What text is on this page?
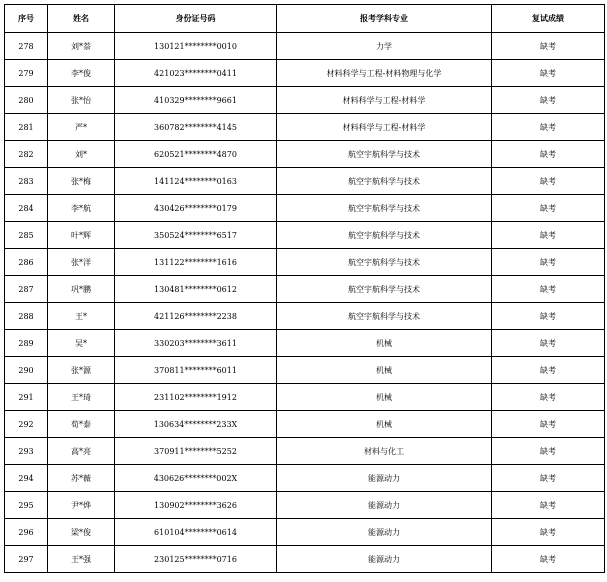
序号	姓名	身份证号码	报考学科专业	复试成绩
278	刘*萘	130121********0010	力学	缺考
279	李*俊	421023********0411	材料科学与工程-材料物理与化学	缺考
280	张*怡	410329********9661	材料科学与工程-材料学	缺考
281	严*	360782********4145	材料科学与工程-材料学	缺考
282	刘*	620521********4870	航空宇航科学与技术	缺考
283	张*梅	141124********0163	航空宇航科学与技术	缺考
284	李*航	430426********0179	航空宇航科学与技术	缺考
285	叶*辉	350524********6517	航空宇航科学与技术	缺考
286	张*洋	131122********1616	航空宇航科学与技术	缺考
287	巩*鹏	130481********0612	航空宇航科学与技术	缺考
288	王*	421126********2238	航空宇航科学与技术	缺考
289	吴*	330203********3611	机械	缺考
290	张*源	370811********6011	机械	缺考
291	王*琦	231102********1912	机械	缺考
292	荀*泰	130634********233X	机械	缺考
293	高*亮	370911********5252	材料与化工	缺考
294	苏*薇	430626********002X	能源动力	缺考
295	尹*烨	130902********3626	能源动力	缺考
296	梁*俊	610104********0614	能源动力	缺考
297	王*强	230125********0716	能源动力	缺考
